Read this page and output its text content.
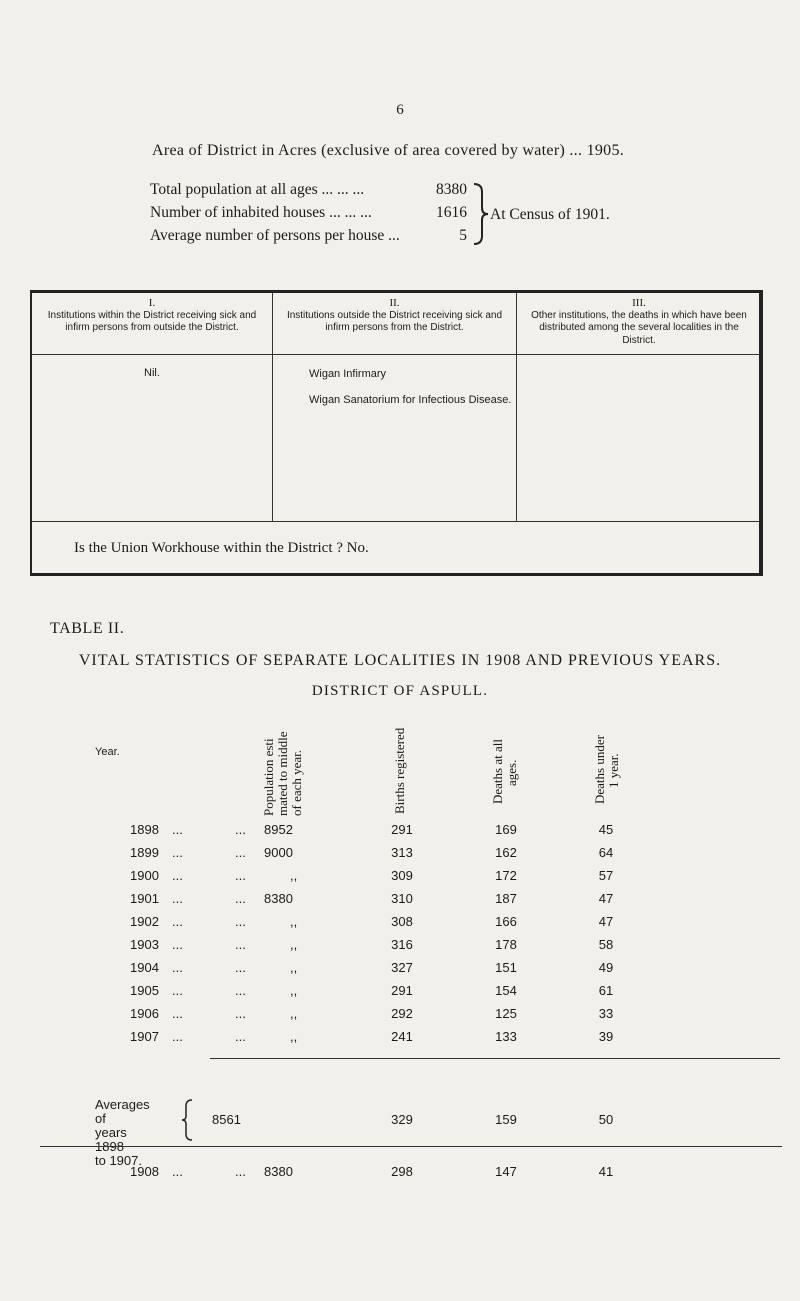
6
Area of District in Acres (exclusive of area covered by water) ... 1905.
Total population at all ages ... ... ...	8380
Number of inhabited houses ... ... ...	1616
Average number of persons per house ...	5
At Census of 1901.
I.
Institutions within the District receiving sick and infirm persons from outside the District.
Nil.
II.
Institutions outside the District receiving sick and infirm persons from the District.
Wigan Infirmary
Wigan Sanatorium for Infectious Disease.
III.
Other institutions, the deaths in which have been distributed among the several localities in the District.
Is the Union Workhouse within the District ? No.
TABLE II.
VITAL STATISTICS OF SEPARATE LOCALITIES IN 1908 AND PREVIOUS YEARS.
DISTRICT OF ASPULL.
Year.	Population esti mated to middle of each year.	Births registered	Deaths at all ages.	Deaths under 1 year.
1898 ...	... 8952	291	169	45
1899 ...	... 9000	313	162	64
1900 ...	...	,,	309	172	57
1901 ...	... 8380	310	187	47
1902 ...	...	,,	308	166	47
1903 ...	...	,,	316	178	58
1904 ...	...	,,	327	151	49
1905 ...	...	,,	291	154	61
1906 ...	...	,,	292	125	33
1907 ...	...	,,	241	133	39
Averages of
years 1898
to 1907.
8561	329	159	50
1908 ...	... 8380	298	147	41
